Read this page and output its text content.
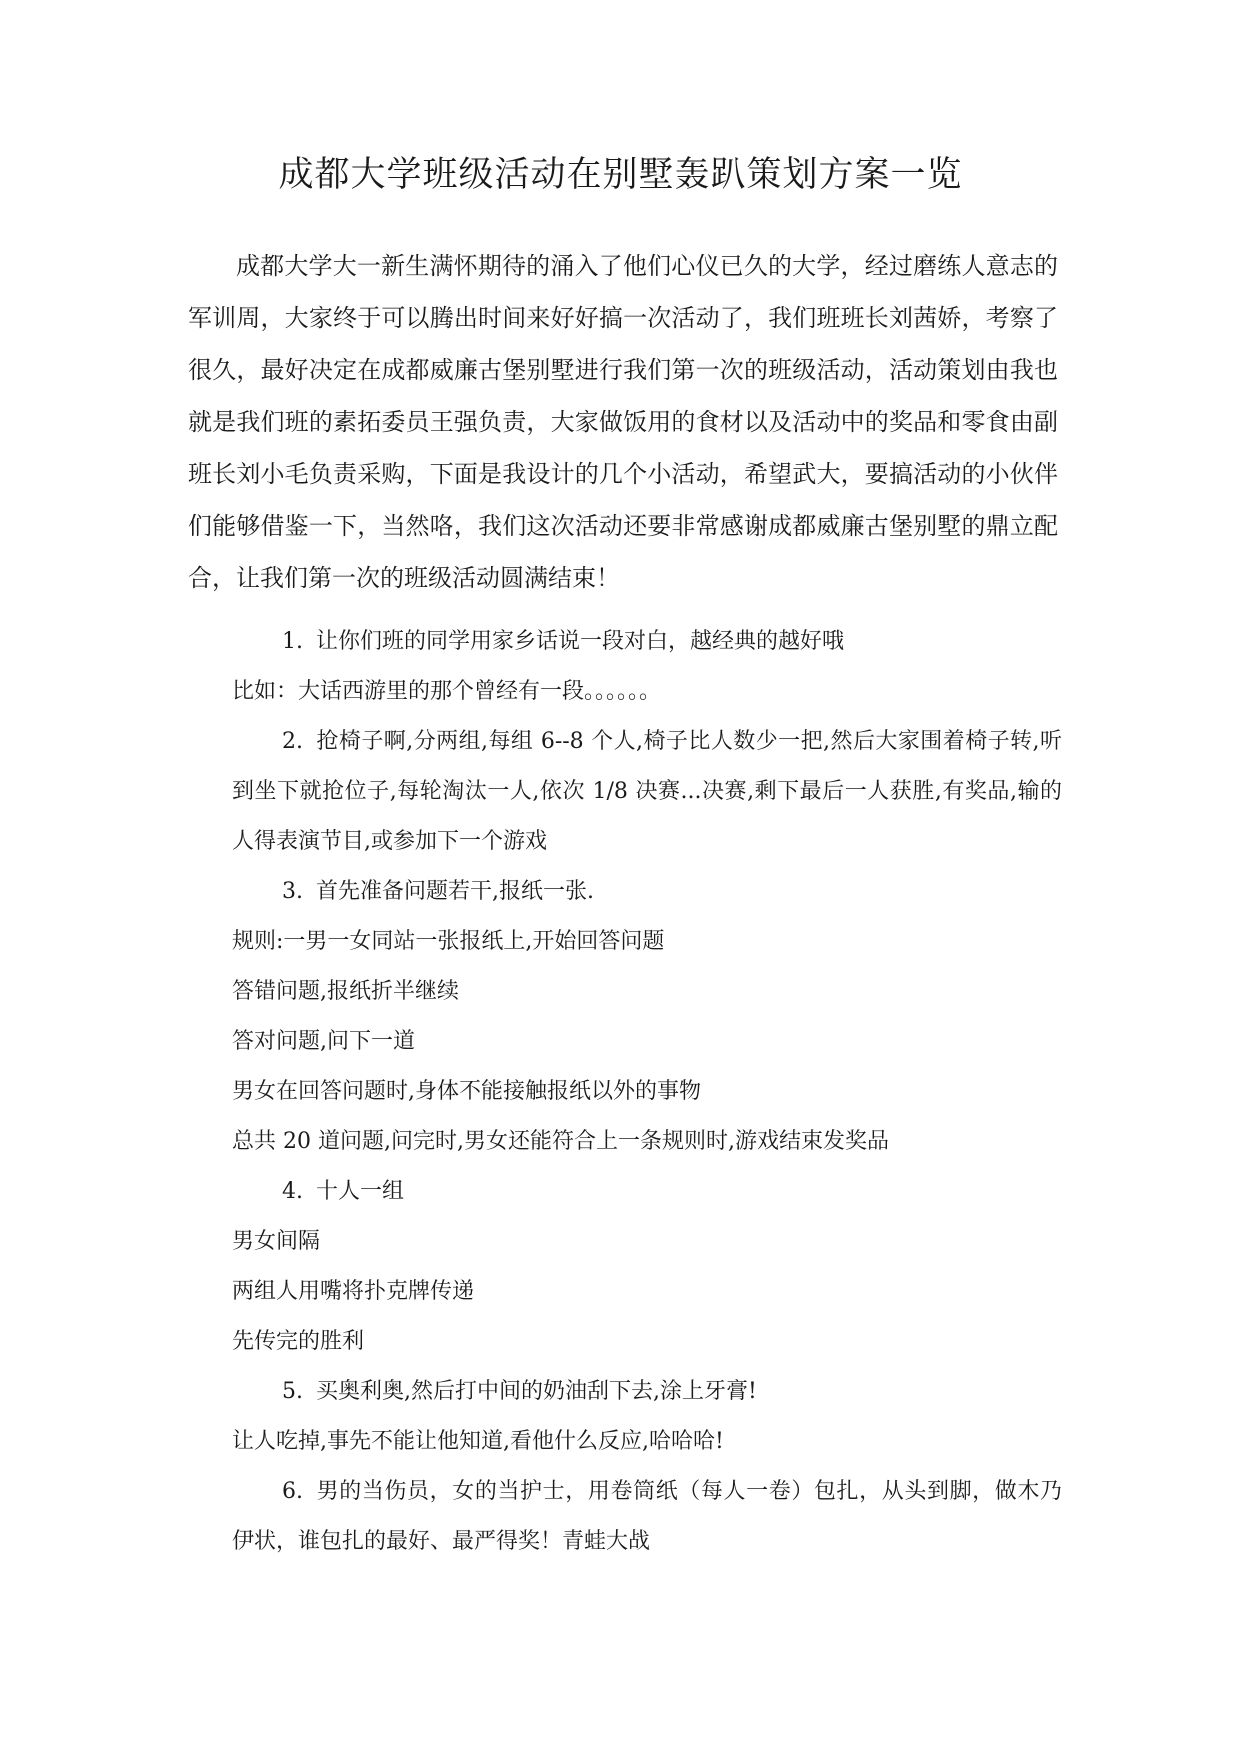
成都大学班级活动在别墅轰趴策划方案一览

成都大学大一新生满怀期待的涌入了他们心仪已久的大学，经过磨练人意志的军训周，大家终于可以腾出时间来好好搞一次活动了，我们班班长刘茜娇，考察了很久，最好决定在成都威廉古堡别墅进行我们第一次的班级活动，活动策划由我也就是我们班的素拓委员王强负责，大家做饭用的食材以及活动中的奖品和零食由副班长刘小毛负责采购，下面是我设计的几个小活动，希望武大，要搞活动的小伙伴们能够借鉴一下，当然咯，我们这次活动还要非常感谢成都威廉古堡别墅的鼎立配合，让我们第一次的班级活动圆满结束！

1. 让你们班的同学用家乡话说一段对白，越经典的越好哦

比如：大话西游里的那个曾经有一段。。。。。。

2. 抢椅子啊,分两组,每组 6--8 个人,椅子比人数少一把,然后大家围着椅子转,听到坐下就抢位子,每轮淘汰一人,依次 1/8 决赛...决赛,剩下最后一人获胜,有奖品,输的人得表演节目,或参加下一个游戏

3. 首先准备问题若干,报纸一张.

规则:一男一女同站一张报纸上,开始回答问题

答错问题,报纸折半继续

答对问题,问下一道

男女在回答问题时,身体不能接触报纸以外的事物

总共 20 道问题,问完时,男女还能符合上一条规则时,游戏结束发奖品

4. 十人一组

男女间隔

两组人用嘴将扑克牌传递

先传完的胜利

5. 买奥利奥,然后打中间的奶油刮下去,涂上牙膏!

让人吃掉,事先不能让他知道,看他什么反应,哈哈哈!

6. 男的当伤员，女的当护士，用卷筒纸（每人一卷）包扎，从头到脚，做木乃伊状，谁包扎的最好、最严得奖！青蛙大战
